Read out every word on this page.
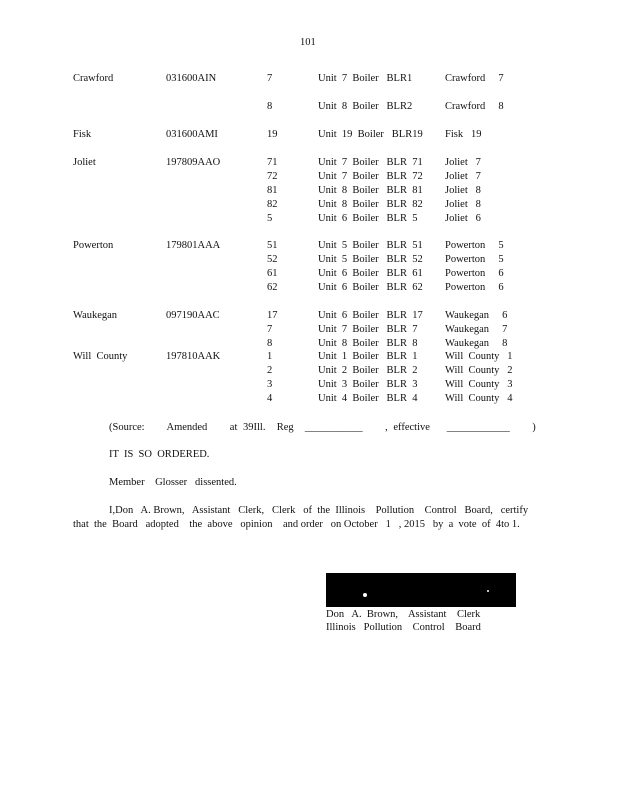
101
Crawford	031600AIN	7	Unit  7  Boiler   BLR1	Crawford     7
8	Unit  8  Boiler   BLR2	Crawford     8
Fisk	031600AMI	19	Unit  19  Boiler   BLR19 Fisk   19
Joliet	197809AAO	71	Unit  7  Boiler   BLR  71 Joliet   7
72	Unit  7  Boiler   BLR  72 Joliet   7
81	Unit  8  Boiler   BLR  81 Joliet   8
82	Unit  8  Boiler   BLR  82 Joliet   8
5	Unit  6  Boiler   BLR  5	Joliet   6
Powerton	179801AAA	51	Unit  5  Boiler   BLR  51 Powerton     5
52	Unit  5  Boiler   BLR  52 Powerton     5
61	Unit  6  Boiler   BLR  61 Powerton     6
62	Unit  6  Boiler   BLR  62 Powerton     6
Waukegan	097190AAC	17	Unit  6  Boiler   BLR  17 Waukegan     6
7	Unit  7  Boiler   BLR  7	Waukegan     7
8	Unit  8  Boiler   BLR  8	Waukegan     8
Will  County	197810AAK	1	Unit  1  Boiler   BLR  1	Will  County   1
2	Unit  2  Boiler   BLR  2	Will  County   2
3	Unit  3  Boiler   BLR  3	Will  County   3
4	Unit  4  Boiler   BLR  4	Will  County   4
(Source:    Amended    at 39Ill.  Reg ___________ , effective ____________ )
IT  IS  SO  ORDERED.
Member    Glosser   dissented.
I,Don   A. Brown,   Assistant   Clerk,   Clerk   of  the  Illinois    Pollution    Control   Board,   certify
that  the  Board   adopted    the  above   opinion    and order   on October   1   , 2015   by  a  vote  of  4to 1.
Don   A.  Brown,    Assistant    Clerk
Illinois   Pollution    Control    Board
